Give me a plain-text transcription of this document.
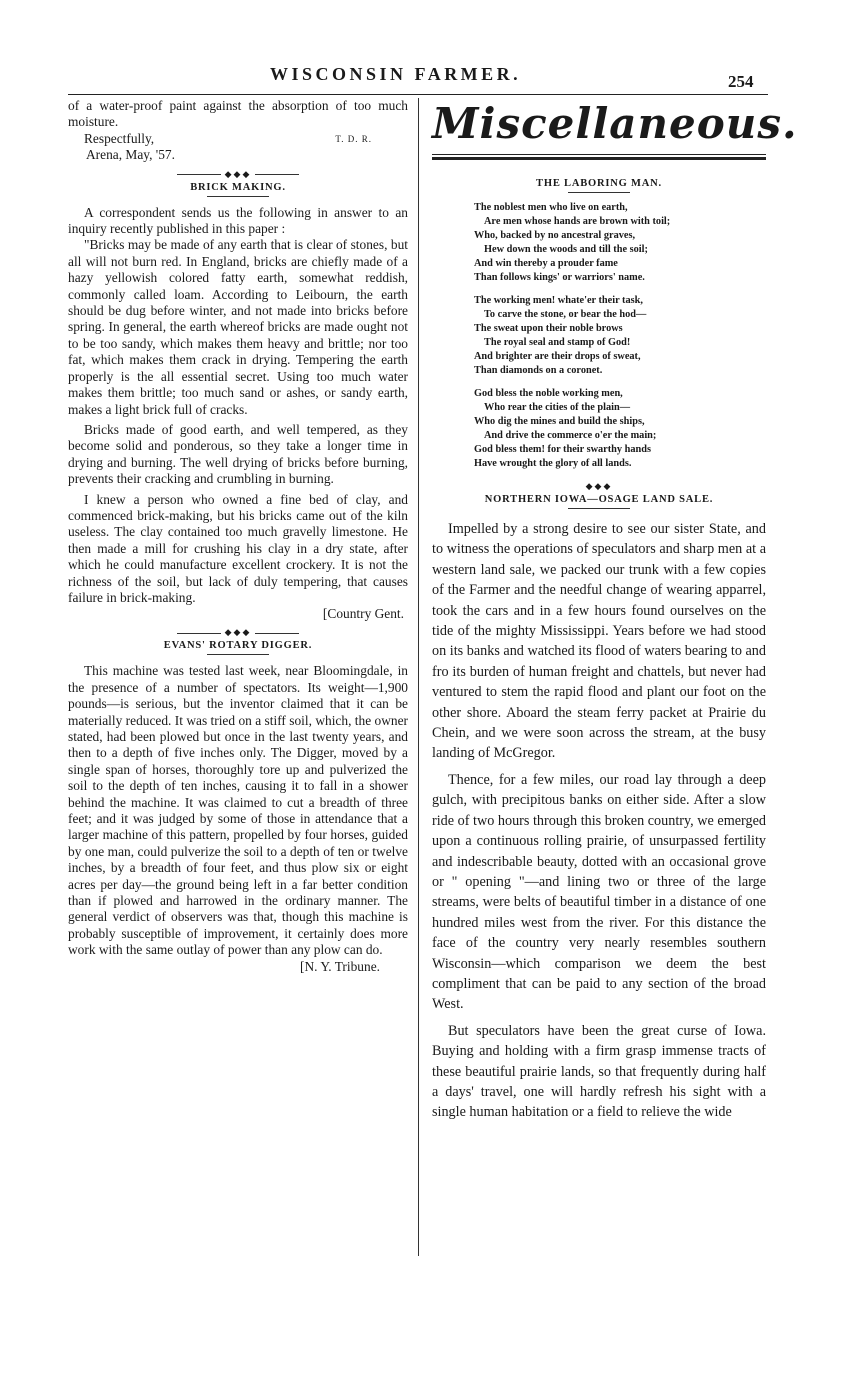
WISCONSIN FARMER.	254

of a water-proof paint against the absorption of too much moisture.

Respectfully,	T. D. R.
Arena, May, '57.
◆◆◆
BRICK MAKING.

A correspondent sends us the following in answer to an inquiry recently published in this paper :

"Bricks may be made of any earth that is clear of stones, but all will not burn red. In England, bricks are chiefly made of a hazy yellowish colored fatty earth, somewhat reddish, commonly called loam. According to Leibourn, the earth should be dug before winter, and not made into bricks before spring. In general, the earth whereof bricks are made ought not to be too sandy, which makes them heavy and brittle; nor too fat, which makes them crack in drying. Tempering the earth properly is the all essential secret. Using too much water makes them brittle; too much sand or ashes, or sandy earth, makes a light brick full of cracks.

Bricks made of good earth, and well tempered, as they become solid and ponderous, so they take a longer time in drying and burning. The well drying of bricks before burning, prevents their cracking and crumbling in burning.

I knew a person who owned a fine bed of clay, and commenced brick-making, but his bricks came out of the kiln useless. The clay contained too much gravelly limestone. He then made a mill for crushing his clay in a dry state, after which he could manufacture excellent crockery. It is not the richness of the soil, but lack of duly tempering, that causes failure in brick-making.

[Country Gent.
◆◆◆
EVANS' ROTARY DIGGER.

This machine was tested last week, near Bloomingdale, in the presence of a number of spectators. Its weight—1,900 pounds—is serious, but the inventor claimed that it can be materially reduced. It was tried on a stiff soil, which, the owner stated, had been plowed but once in the last twenty years, and then to a depth of five inches only. The Digger, moved by a single span of horses, thoroughly tore up and pulverized the soil to the depth of ten inches, causing it to fall in a shower behind the machine. It was claimed to cut a breadth of three feet; and it was judged by some of those in attendance that a larger machine of this pattern, propelled by four horses, guided by one man, could pulverize the soil to a depth of ten or twelve inches, by a breadth of four feet, and thus plow six or eight acres per day—the ground being left in a far better condition than if plowed and harrowed in the ordinary manner. The general verdict of observers was that, though this machine is probably susceptible of improvement, it certainly does more work with the same outlay of power than any plow can do.

[N. Y. Tribune.
Miscellaneous.
THE LABORING MAN.
The noblest men who live on earth,
Are men whose hands are brown with toil;
Who, backed by no ancestral graves,
Hew down the woods and till the soil;
And win thereby a prouder fame
Than follows kings' or warriors' name.
The working men! whate'er their task,
To carve the stone, or bear the hod—
The sweat upon their noble brows
The royal seal and stamp of God!
And brighter are their drops of sweat,
Than diamonds on a coronet.
God bless the noble working men,
Who rear the cities of the plain—
Who dig the mines and build the ships,
And drive the commerce o'er the main;
God bless them! for their swarthy hands
Have wrought the glory of all lands.
◆◆◆
NORTHERN IOWA—OSAGE LAND SALE.

Impelled by a strong desire to see our sister State, and to witness the operations of speculators and sharp men at a western land sale, we packed our trunk with a few copies of the Farmer and the needful change of wearing apparrel, took the cars and in a few hours found ourselves on the tide of the mighty Mississippi. Years before we had stood on its banks and watched its flood of waters bearing to and fro its burden of human freight and chattels, but never had ventured to stem the rapid flood and plant our foot on the other shore. Aboard the steam ferry packet at Prairie du Chein, and we were soon across the stream, at the busy landing of McGregor.

Thence, for a few miles, our road lay through a deep gulch, with precipitous banks on either side. After a slow ride of two hours through this broken country, we emerged upon a continuous rolling prairie, of unsurpassed fertility and indescribable beauty, dotted with an occasional grove or " opening "—and lining two or three of the large streams, were belts of beautiful timber in a distance of one hundred miles west from the river. For this distance the face of the country very nearly resembles southern Wisconsin—which comparison we deem the best compliment that can be paid to any section of the broad West.

But speculators have been the great curse of Iowa. Buying and holding with a firm grasp immense tracts of these beautiful prairie lands, so that frequently during half a days' travel, one will hardly refresh his sight with a single human habitation or a field to relieve the wide
